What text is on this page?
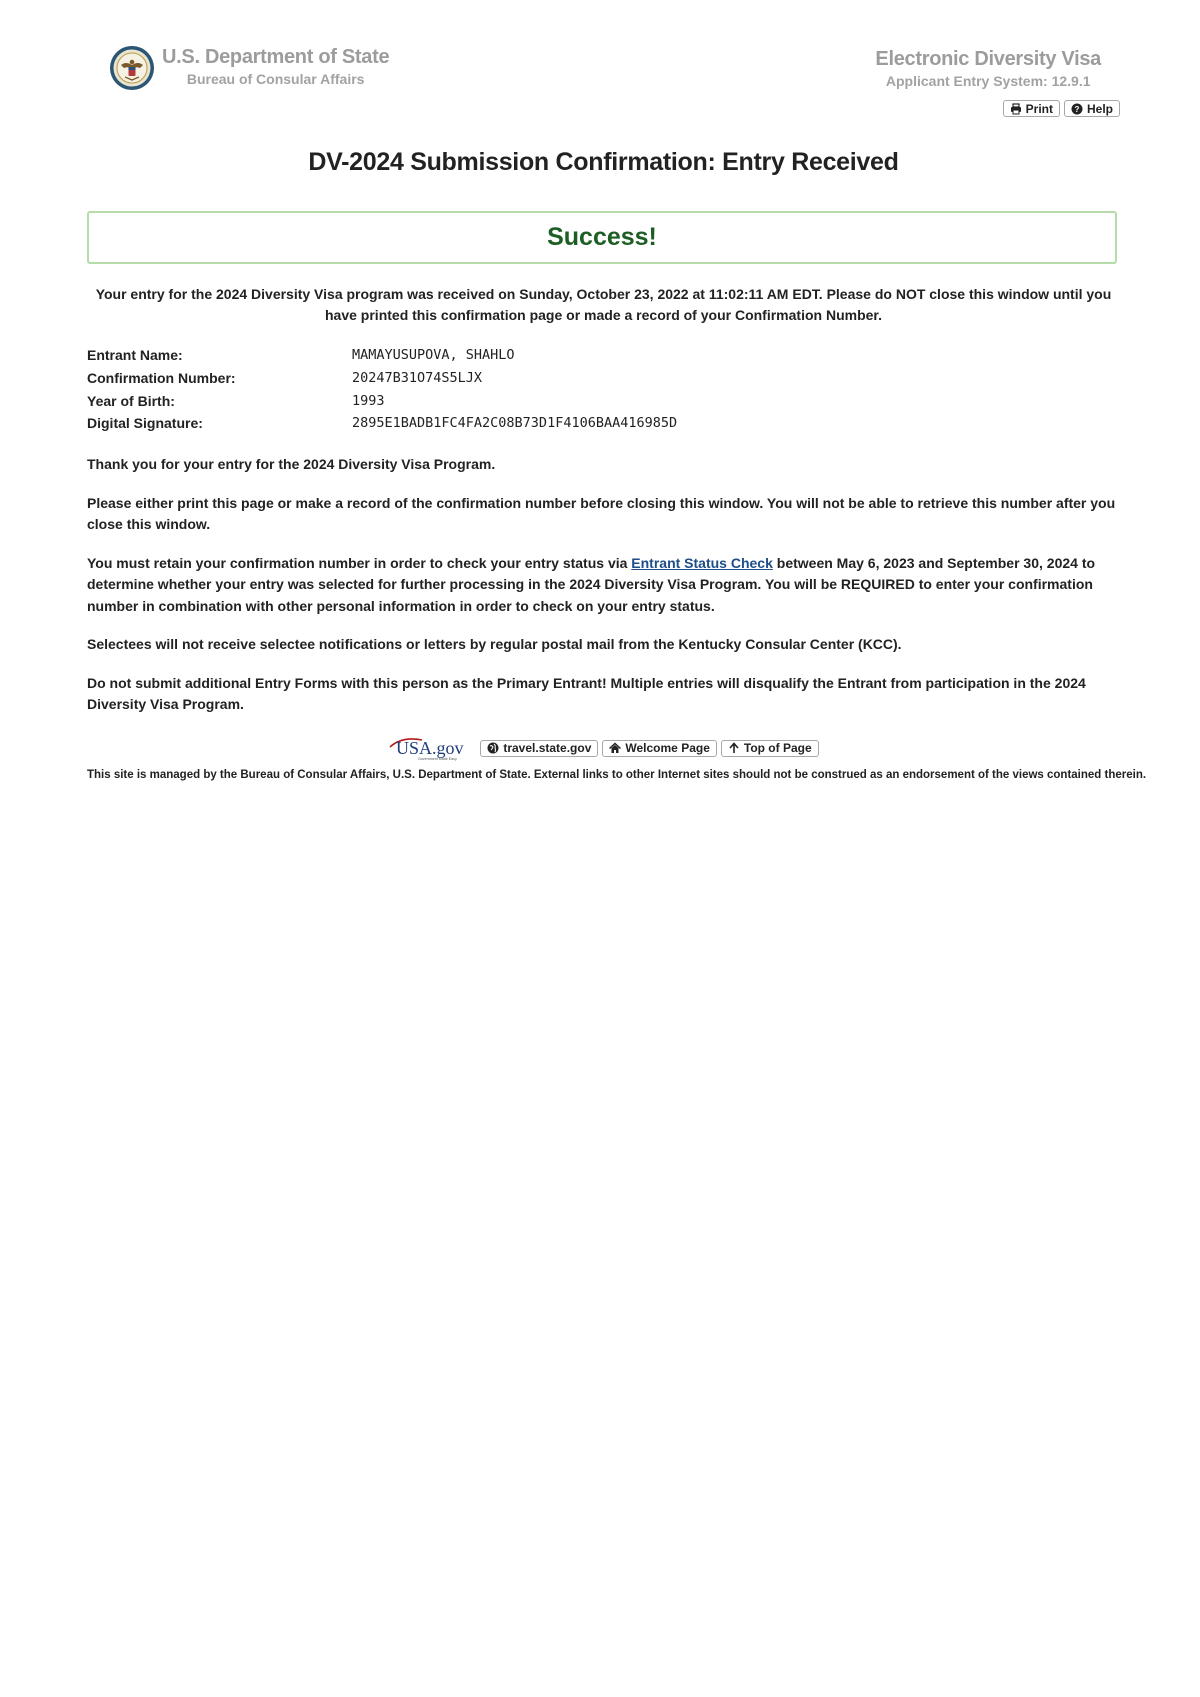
U.S. Department of State
Bureau of Consular Affairs
Electronic Diversity Visa
Applicant Entry System: 12.9.1
Print	? Help
DV-2024 Submission Confirmation: Entry Received
Success!

Your entry for the 2024 Diversity Visa program was received on Sunday, October 23, 2022 at 11:02:11 AM EDT. Please do NOT close this window until you have printed this confirmation page or made a record of your Confirmation Number.

Entrant Name:	MAMAYUSUPOVA, SHAHLO
Confirmation Number:	20247B31O74S5LJX
Year of Birth:	1993
Digital Signature:	2895E1BADB1FC4FA2C08B73D1F4106BAA416985D

Thank you for your entry for the 2024 Diversity Visa Program.

Please either print this page or make a record of the confirmation number before closing this window. You will not be able to retrieve this number after you close this window.

You must retain your confirmation number in order to check your entry status via Entrant Status Check between May 6, 2023 and September 30, 2024 to determine whether your entry was selected for further processing in the 2024 Diversity Visa Program. You will be REQUIRED to enter your confirmation number in combination with other personal information in order to check on your entry status.

Selectees will not receive selectee notifications or letters by regular postal mail from the Kentucky Consular Center (KCC).

Do not submit additional Entry Forms with this person as the Primary Entrant! Multiple entries will disqualify the Entrant from participation in the 2024 Diversity Visa Program.

USA.gov
Government Made Easy
travel.state.gov	Welcome Page	Top of Page

This site is managed by the Bureau of Consular Affairs, U.S. Department of State. External links to other Internet sites should not be construed as an endorsement of the views contained therein.
